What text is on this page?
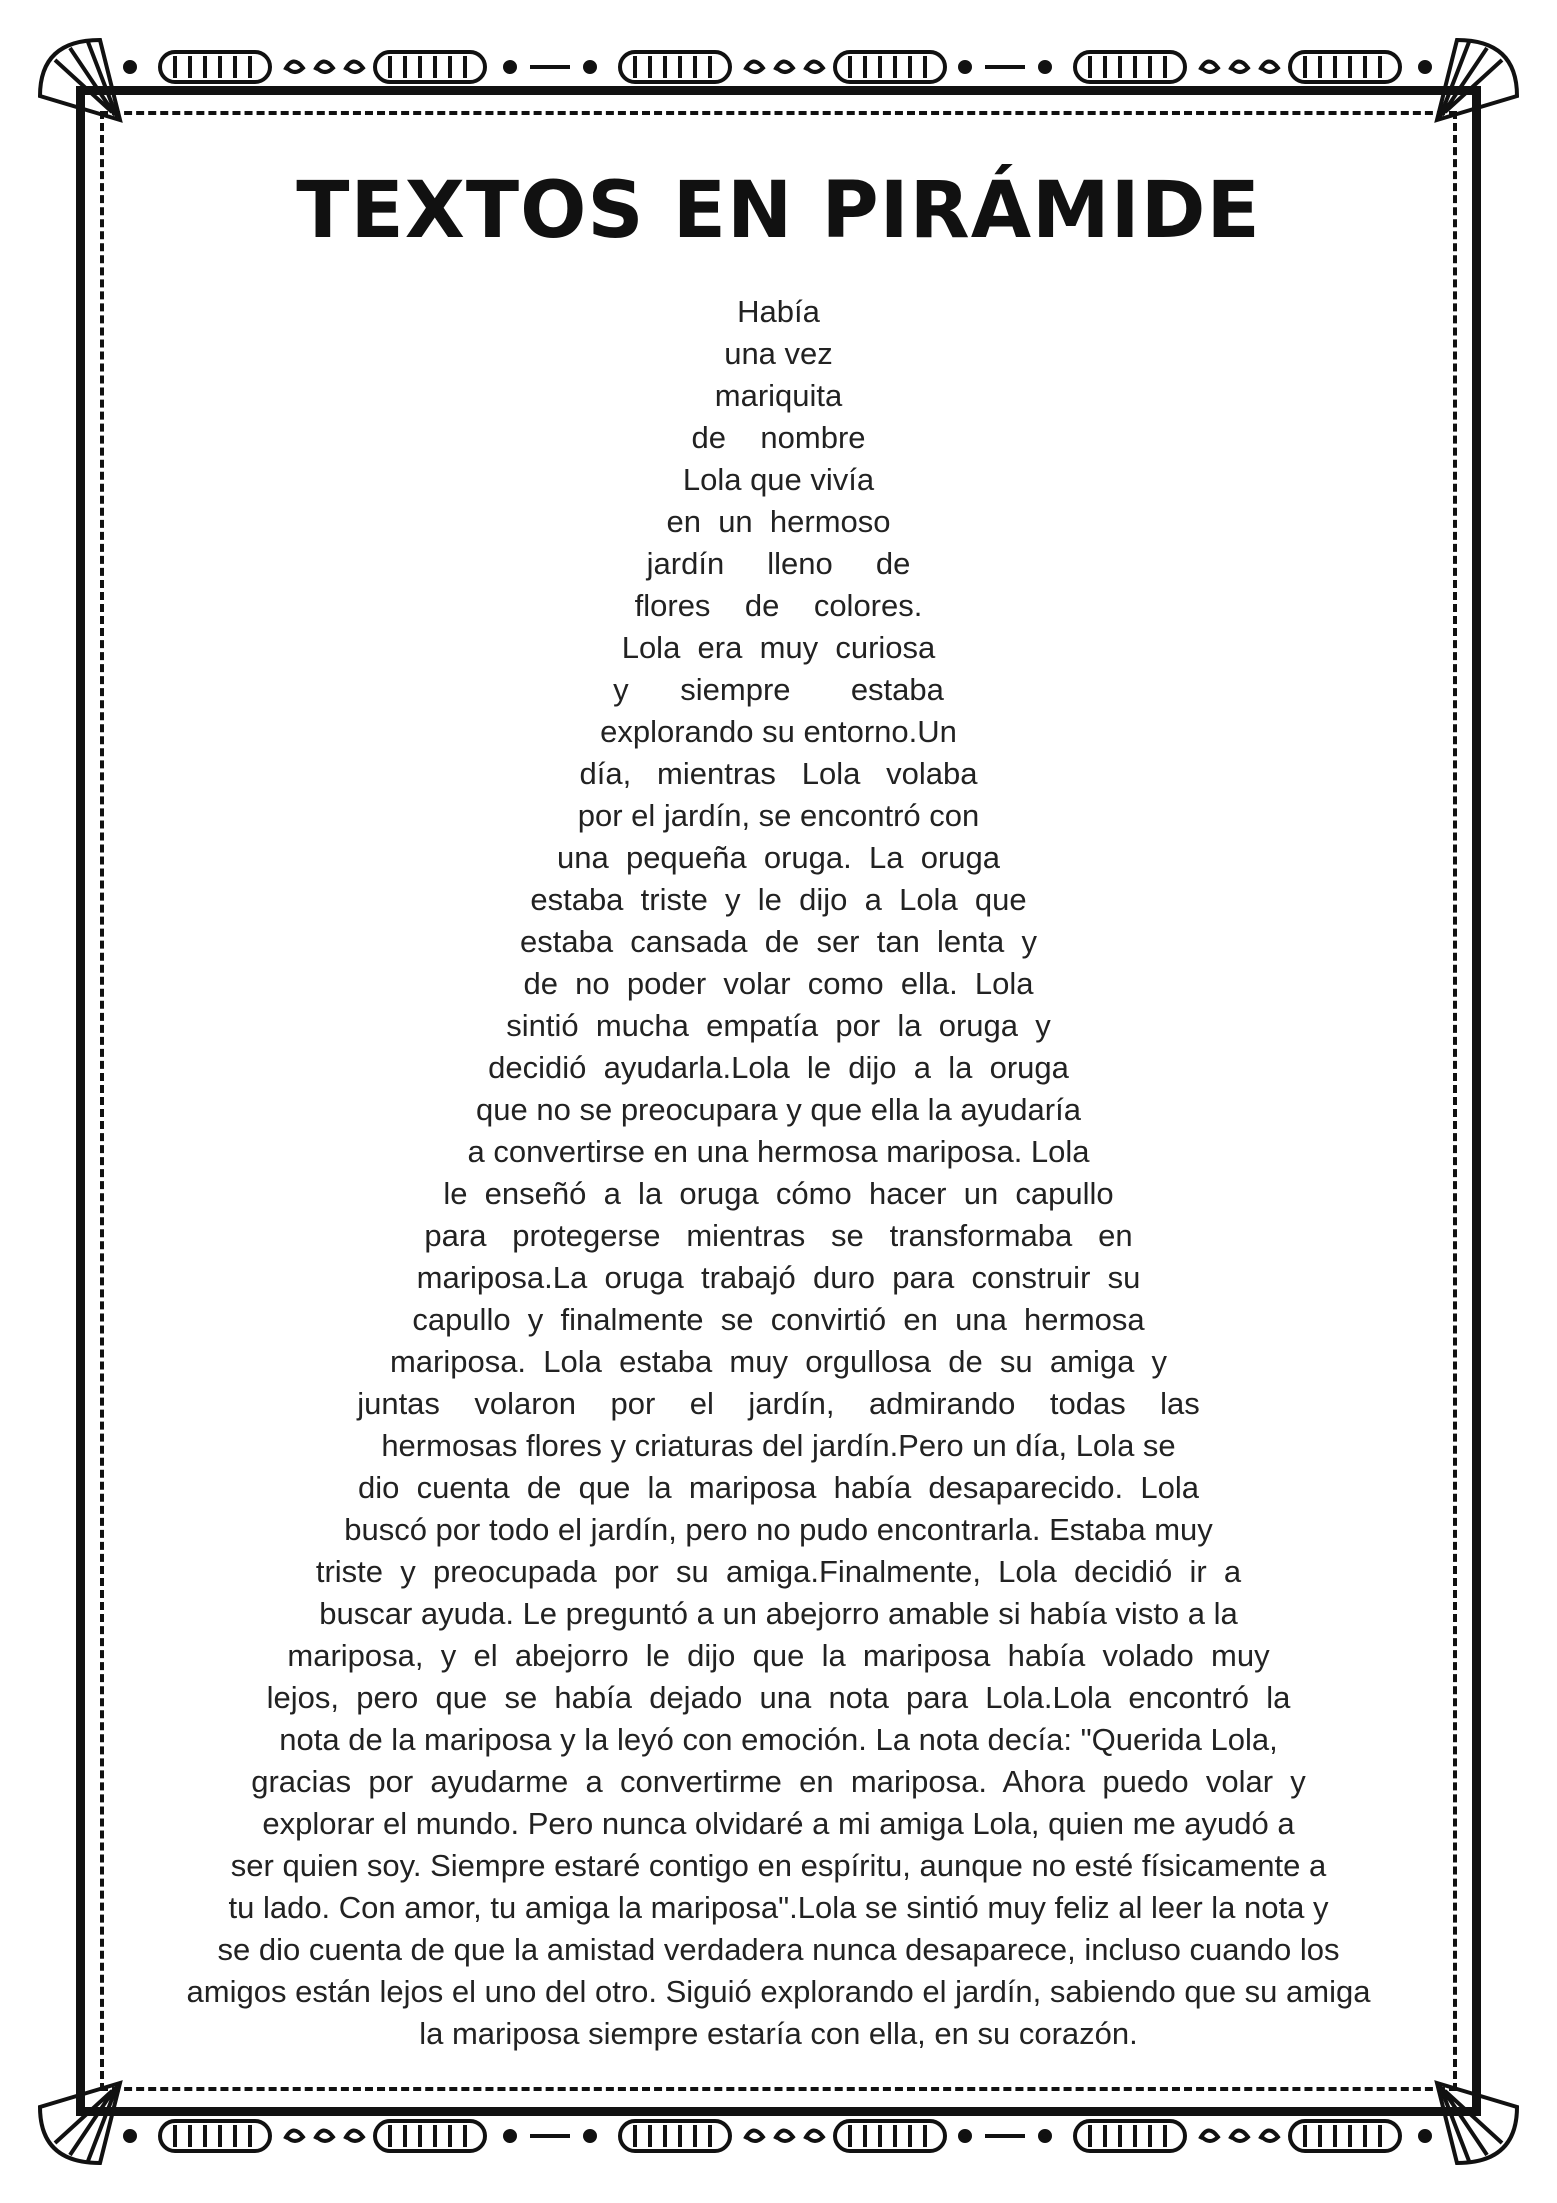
TEXTOS EN PIRÁMIDE
Había
una vez
mariquita
de    nombre
Lola que vivía
en  un  hermoso
jardín     lleno     de
flores    de    colores.
Lola  era  muy  curiosa
y      siempre       estaba
explorando su entorno.Un
día,   mientras   Lola   volaba
por el jardín, se encontró con
una  pequeña  oruga.  La  oruga
estaba  triste  y  le  dijo  a  Lola  que
estaba  cansada  de  ser  tan  lenta  y
de  no  poder  volar  como  ella.  Lola
sintió  mucha  empatía  por  la  oruga  y
decidió  ayudarla.Lola  le  dijo  a  la  oruga
que no se preocupara y que ella la ayudaría
a convertirse en una hermosa mariposa. Lola
le  enseñó  a  la  oruga  cómo  hacer  un  capullo
para   protegerse   mientras   se   transformaba   en
mariposa.La  oruga  trabajó  duro  para  construir  su
capullo  y  finalmente  se  convirtió  en  una  hermosa
mariposa.  Lola  estaba  muy  orgullosa  de  su  amiga  y
juntas    volaron    por    el    jardín,    admirando    todas    las
hermosas flores y criaturas del jardín.Pero un día, Lola se
dio  cuenta  de  que  la  mariposa  había  desaparecido.  Lola
buscó por todo el jardín, pero no pudo encontrarla. Estaba muy
triste  y  preocupada  por  su  amiga.Finalmente,  Lola  decidió  ir  a
buscar ayuda. Le preguntó a un abejorro amable si había visto a la
mariposa,  y  el  abejorro  le  dijo  que  la  mariposa  había  volado  muy
lejos,  pero  que  se  había  dejado  una  nota  para  Lola.Lola  encontró  la
nota de la mariposa y la leyó con emoción. La nota decía: "Querida Lola,
gracias  por  ayudarme  a  convertirme  en  mariposa.  Ahora  puedo  volar  y
explorar el mundo. Pero nunca olvidaré a mi amiga Lola, quien me ayudó a
ser quien soy. Siempre estaré contigo en espíritu, aunque no esté físicamente a
tu lado. Con amor, tu amiga la mariposa".Lola se sintió muy feliz al leer la nota y
se dio cuenta de que la amistad verdadera nunca desaparece, incluso cuando los
amigos están lejos el uno del otro. Siguió explorando el jardín, sabiendo que su amiga
la mariposa siempre estaría con ella, en su corazón.
